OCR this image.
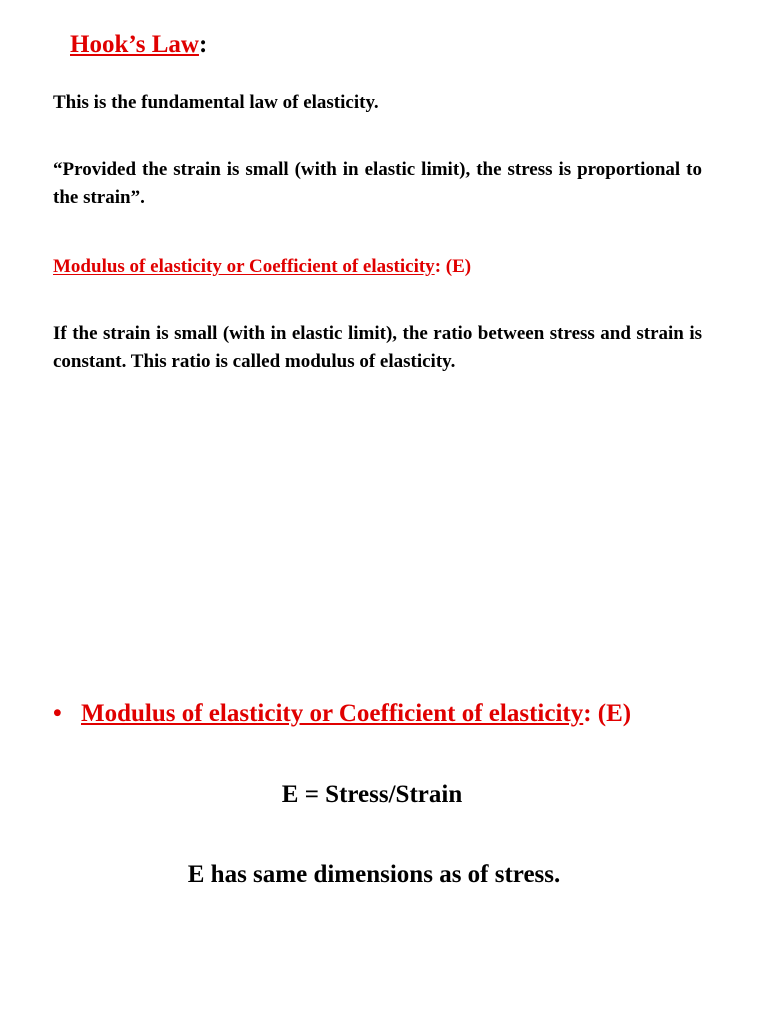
Hook’s Law:

This is the fundamental law of elasticity.

“Provided the strain is small (with in elastic limit), the stress is proportional to the strain”.

Modulus of elasticity or Coefficient of elasticity: (E)

If the strain is small (with in elastic limit), the ratio between stress and strain is constant. This ratio is called modulus of elasticity.

• Modulus of elasticity or Coefficient of elasticity: (E)

E = Stress/Strain

E has same dimensions as of stress.
